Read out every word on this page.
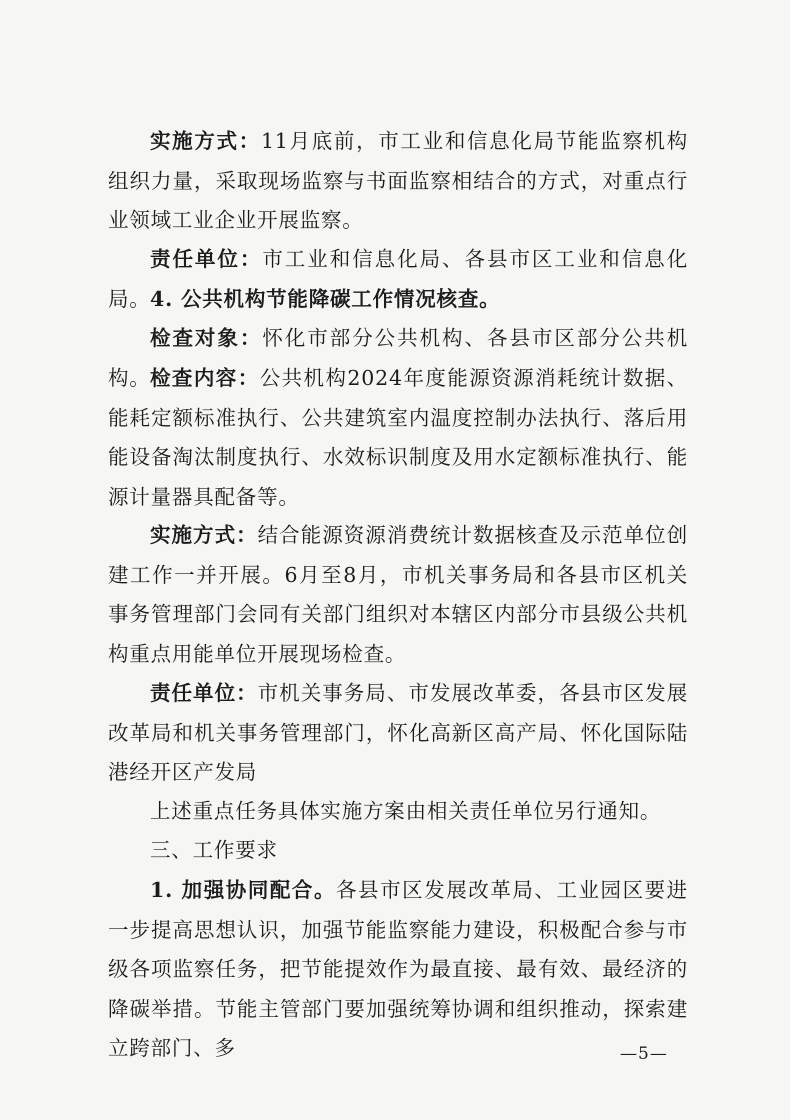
实施方式：11月底前，市工业和信息化局节能监察机构组织力量，采取现场监察与书面监察相结合的方式，对重点行业领域工业企业开展监察。

责任单位：市工业和信息化局、各县市区工业和信息化局。 4. 公共机构节能降碳工作情况核查。

检查对象：怀化市部分公共机构、各县市区部分公共机构。 检查内容：公共机构2024年度能源资源消耗统计数据、能耗定额标准执行、公共建筑室内温度控制办法执行、落后用能设备淘汰制度执行、水效标识制度及用水定额标准执行、能源计量器具配备等。

实施方式：结合能源资源消费统计数据核查及示范单位创建工作一并开展。6月至8月，市机关事务局和各县市区机关事务管理部门会同有关部门组织对本辖区内部分市县级公共机构重点用能单位开展现场检查。

责任单位：市机关事务局、市发展改革委，各县市区发展改革局和机关事务管理部门，怀化高新区高产局、怀化国际陆港经开区产发局

上述重点任务具体实施方案由相关责任单位另行通知。

三、工作要求

1. 加强协同配合。各县市区发展改革局、工业园区要进一步提高思想认识，加强节能监察能力建设，积极配合参与市级各项监察任务，把节能提效作为最直接、最有效、最经济的降碳举措。节能主管部门要加强统筹协调和组织推动，探索建立跨部门、多	—5—
